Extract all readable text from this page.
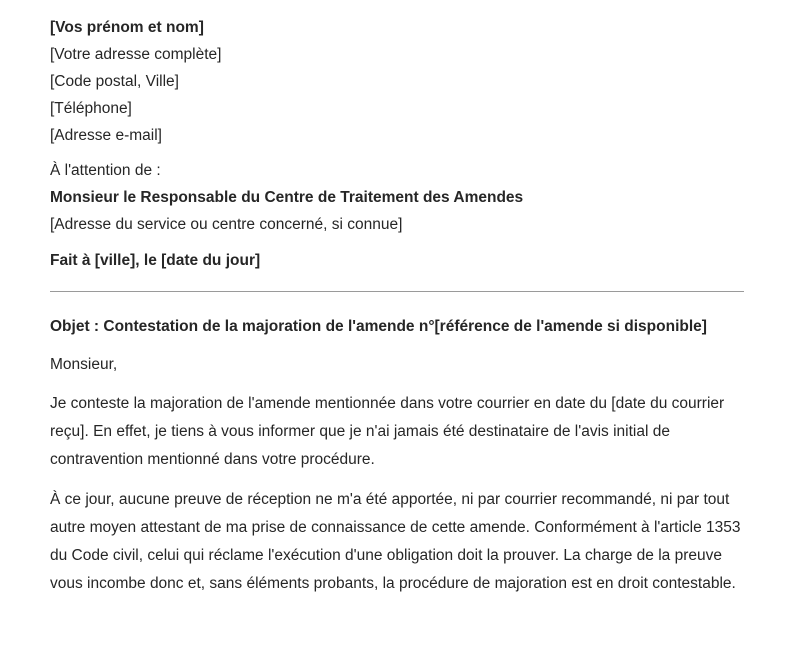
[Vos prénom et nom]
[Votre adresse complète]
[Code postal, Ville]
[Téléphone]
[Adresse e-mail]
À l'attention de :
Monsieur le Responsable du Centre de Traitement des Amendes
[Adresse du service ou centre concerné, si connue]
Fait à [ville], le [date du jour]
Objet : Contestation de la majoration de l'amende n°[référence de l'amende si disponible]
Monsieur,
Je conteste la majoration de l'amende mentionnée dans votre courrier en date du [date du courrier reçu]. En effet, je tiens à vous informer que je n'ai jamais été destinataire de l'avis initial de contravention mentionné dans votre procédure.
À ce jour, aucune preuve de réception ne m'a été apportée, ni par courrier recommandé, ni par tout autre moyen attestant de ma prise de connaissance de cette amende. Conformément à l'article 1353 du Code civil, celui qui réclame l'exécution d'une obligation doit la prouver. La charge de la preuve vous incombe donc et, sans éléments probants, la procédure de majoration est en droit contestable.
